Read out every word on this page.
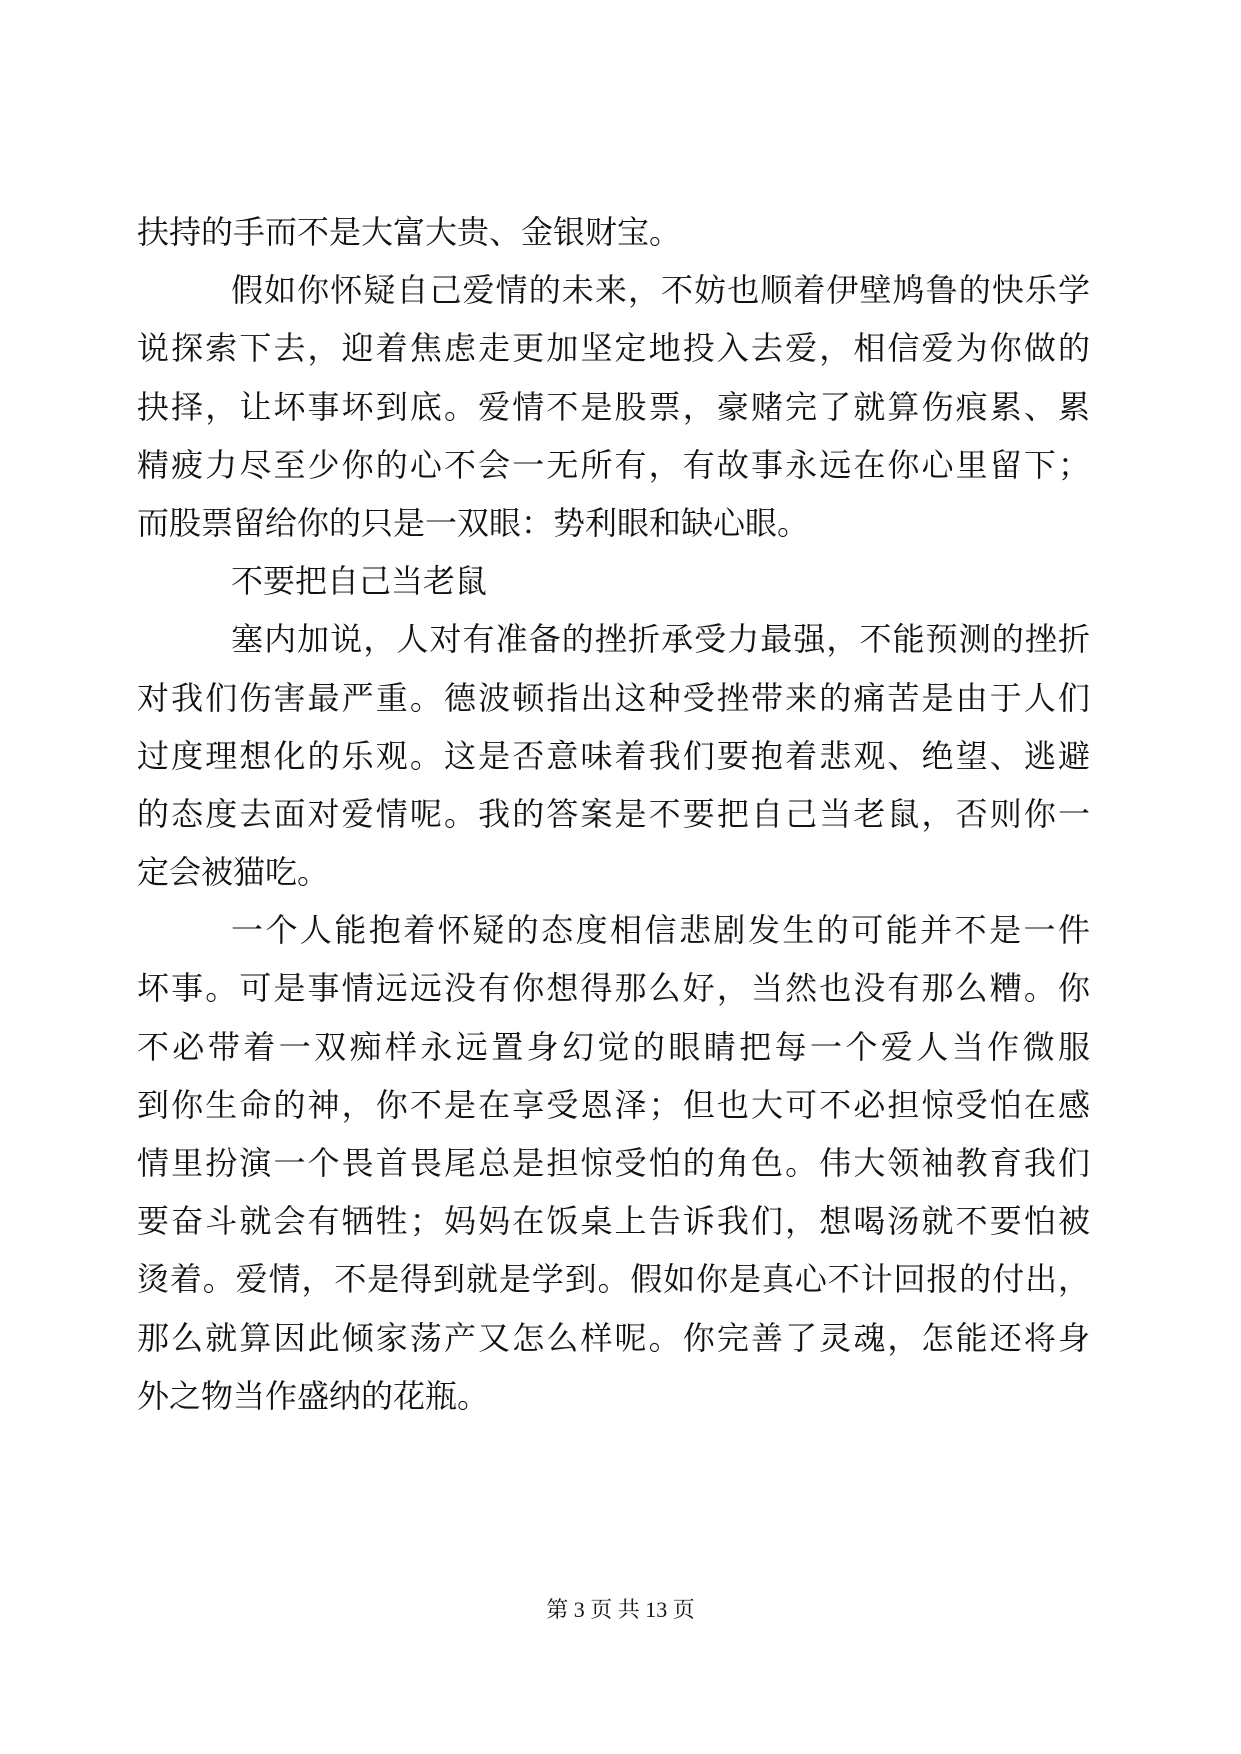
扶持的手而不是大富大贵、金银财宝。
假如你怀疑自己爱情的未来，不妨也顺着伊壁鸠鲁的快乐学
说探索下去，迎着焦虑走更加坚定地投入去爱，相信爱为你做的
抉择，让坏事坏到底。爱情不是股票，豪赌完了就算伤痕累、累
精疲力尽至少你的心不会一无所有，有故事永远在你心里留下；
而股票留给你的只是一双眼：势利眼和缺心眼。
不要把自己当老鼠
塞内加说，人对有准备的挫折承受力最强，不能预测的挫折
对我们伤害最严重。德波顿指出这种受挫带来的痛苦是由于人们
过度理想化的乐观。这是否意味着我们要抱着悲观、绝望、逃避
的态度去面对爱情呢。我的答案是不要把自己当老鼠，否则你一
定会被猫吃。
一个人能抱着怀疑的态度相信悲剧发生的可能并不是一件
坏事。可是事情远远没有你想得那么好，当然也没有那么糟。你
不必带着一双痴样永远置身幻觉的眼睛把每一个爱人当作微服
到你生命的神，你不是在享受恩泽；但也大可不必担惊受怕在感
情里扮演一个畏首畏尾总是担惊受怕的角色。伟大领袖教育我们
要奋斗就会有牺牲；妈妈在饭桌上告诉我们，想喝汤就不要怕被
烫着。爱情，不是得到就是学到。假如你是真心不计回报的付出，
那么就算因此倾家荡产又怎么样呢。你完善了灵魂，怎能还将身
外之物当作盛纳的花瓶。
第 3 页 共 13 页
